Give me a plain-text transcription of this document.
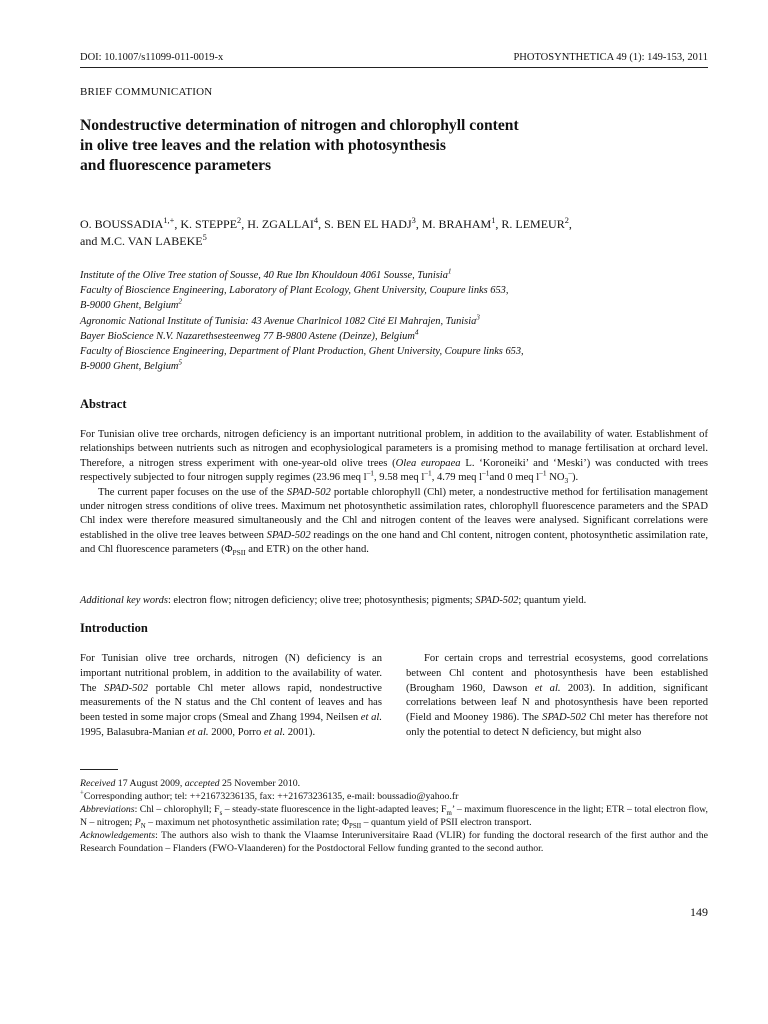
DOI: 10.1007/s11099-011-0019-x	PHOTOSYNTHETICA 49 (1): 149-153, 2011
BRIEF COMMUNICATION
Nondestructive determination of nitrogen and chlorophyll content
in olive tree leaves and the relation with photosynthesis
and fluorescence parameters
O. $BOUSSADIA^{1,+}$, K. STEPPE$^2$, H. ZGALLAI$^4$, S. BEN EL HADJ$^3$, M. BRAHAM$^1$, R. LEMEUR$^2$,
and M.C. VAN LABEKE$^5$
Institute of the Olive Tree station of Sousse, 40 Rue Ibn Khouldoun 4061 Sousse, Tunisia$^1$
Faculty of Bioscience Engineering, Laboratory of Plant Ecology, Ghent University, Coupure links 653,
B-9000 Ghent, Belgium$^2$
Agronomic National Institute of Tunisia: 43 Avenue Charlnicol 1082 Cité El Mahrajen, Tunisia$^3$
Bayer BioScience N.V. Nazarethsesteenweg 77 B-9800 Astene (Deinze), Belgium$^4$
Faculty of Bioscience Engineering, Department of Plant Production, Ghent University, Coupure links 653,
B-9000 Ghent, Belgium$^5$
Abstract

For Tunisian olive tree orchards, nitrogen deficiency is an important nutritional problem, in addition to the availability of water. Establishment of relationships between nutrients such as nitrogen and ecophysiological parameters is a promising method to manage fertilisation at orchard level. Therefore, a nitrogen stress experiment with one-year-old olive trees (Olea europaea L. ‘Koroneiki’ and ‘Meski’) was conducted with trees respectively subjected to four nitrogen supply regimes (23.96 meq $l^{-1}$, 9.58 meq $l^{-1}$, 4.79 meq $l^{-1}and$ 0 meq $l^{-1}$ $NO_3^-$).

The current paper focuses on the use of the SPAD-502 portable chlorophyll (Chl) meter, a nondestructive method for fertilisation management under nitrogen stress conditions of olive trees. Maximum net photosynthetic assimilation rates, chlorophyll fluorescence parameters and the SPAD Chl index were therefore measured simultaneously and the Chl and nitrogen content of the leaves were analysed. Significant correlations were established in the olive tree leaves between SPAD-502 readings on the one hand and Chl content, nitrogen content, photosynthetic assimilation rate, and Chl fluorescence parameters ($\Phi_{PSII}$ and ETR) on the other hand.

Additional key words: electron flow; nitrogen deficiency; olive tree; photosynthesis; pigments; SPAD-502; quantum yield.
Introduction

For Tunisian olive tree orchards, nitrogen (N) deficiency is an important nutritional problem, in addition to the availability of water. The SPAD-502 portable Chl meter allows rapid, nondestructive measurements of the N status and the Chl content of leaves and has been tested in some major crops (Smeal and Zhang 1994, Neilsen et al. 1995, Balasubra-Manian et al. 2000, Porro et al. 2001).

For certain crops and terrestrial ecosystems, good correlations between Chl content and photosynthesis have been established (Brougham 1960, Dawson et al. 2003). In addition, significant correlations between leaf N and photosynthesis have been reported (Field and Mooney 1986). The SPAD-502 Chl meter has therefore not only the potential to detect N deficiency, but might also

Received 17 August 2009, accepted 25 November 2010.

+Corresponding author; tel: ++21673236135, fax: ++21673236135, e-mail: boussadio@yahoo.fr

Abbreviations: Chl – chlorophyll; $F_s$ – steady-state fluorescence in the light-adapted leaves; $F_m$’ – maximum fluorescence in the light; ETR – total electron flow, N – nitrogen; $P_N$ – maximum net photosynthetic assimilation rate; $\Phi_{PSII}$ – quantum yield of PSII electron transport.

Acknowledgements: The authors also wish to thank the Vlaamse Interuniversitaire Raad (VLIR) for funding the doctoral research of the first author and the Research Foundation – Flanders (FWO-Vlaanderen) for the Postdoctoral Fellow funding granted to the second author.

149
